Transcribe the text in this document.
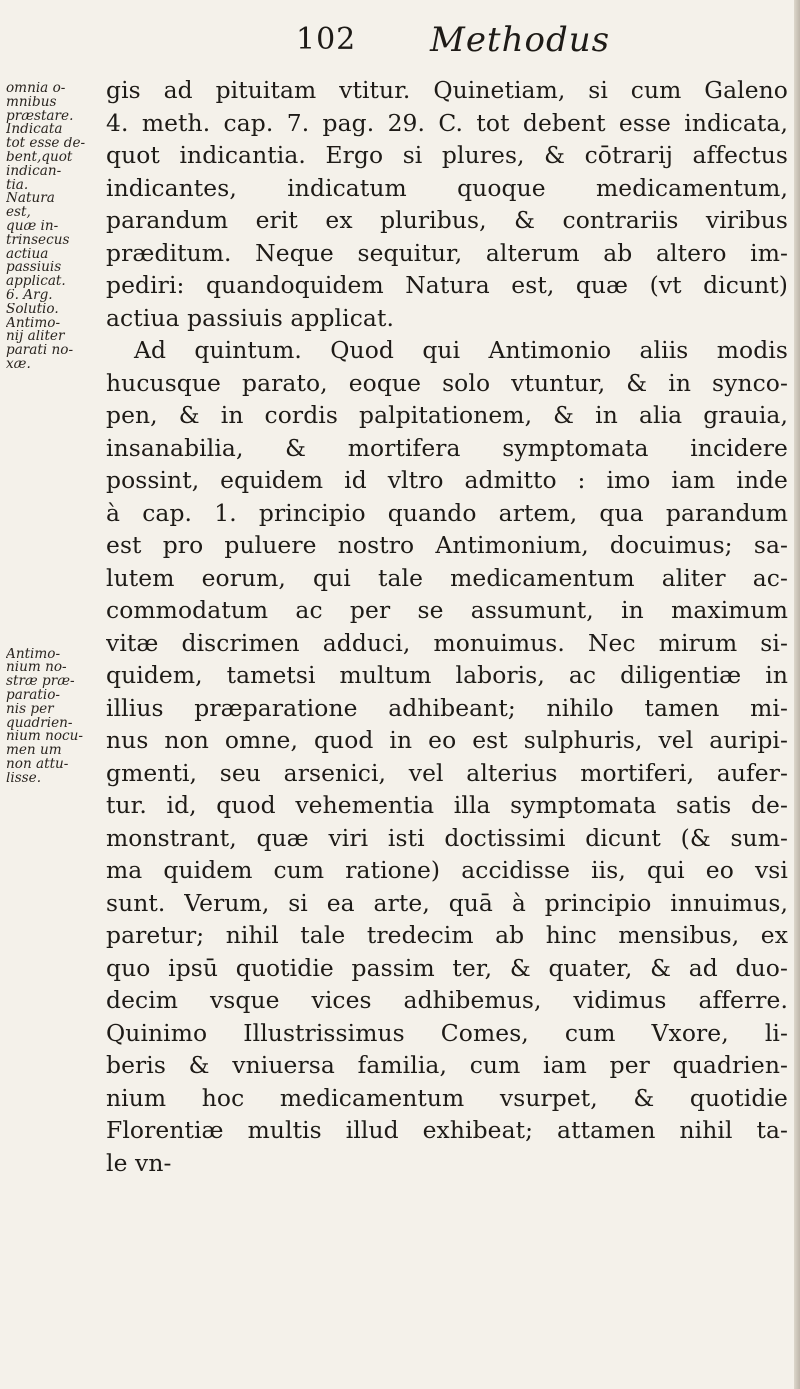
102 Methodus
omnia o-
mnibus
præstare.
Indicata
tot esse de-
bent,quot
indican-
tia.
Natura
est,
quæ in-
trinsecus
actiua
passiuis
applicat.
6. Arg.
Solutio.
Antimo-
nij aliter
parati no-
xæ.

Antimo-
nium no-
stræ præ-
paratio-
nis per
quadrien-
nium nocu-
men um
non attu-
lisse.
gis ad pituitam vtitur. Quinetiam, si cum Galeno
4. meth. cap. 7. pag. 29. C. tot debent esse indicata,
quot indicantia. Ergo si plures, & cōtrarij affectus
indicantes, indicatum quoque medicamentum,
parandum erit ex pluribus, & contrariis viribus
præditum. Neque sequitur, alterum ab altero im-
pediri: quandoquidem Natura est, quæ (vt dicunt)
actiua passiuis applicat.
Ad quintum. Quod qui Antimonio aliis modis
hucusque parato, eoque solo vtuntur, & in synco-
pen, & in cordis palpitationem, & in alia grauia,
insanabilia, & mortifera symptomata incidere
possint, equidem id vltro admitto : imo iam inde
à cap. 1. principio quando artem, qua parandum
est pro puluere nostro Antimonium, docuimus; sa-
lutem eorum, qui tale medicamentum aliter ac-
commodatum ac per se assumunt, in maximum
vitæ discrimen adduci, monuimus. Nec mirum si-
quidem, tametsi multum laboris, ac diligentiæ in
illius præparatione adhibeant; nihilo tamen mi-
nus non omne, quod in eo est sulphuris, vel auripi-
gmenti, seu arsenici, vel alterius mortiferi, aufer-
tur. id, quod vehementia illa symptomata satis de-
monstrant, quæ viri isti doctissimi dicunt (& sum-
ma quidem cum ratione) accidisse iis, qui eo vsi
sunt. Verum, si ea arte, quā à principio innuimus,
paretur; nihil tale tredecim ab hinc mensibus, ex
quo ipsū quotidie passim ter, & quater, & ad duo-
decim vsque vices adhibemus, vidimus afferre.
Quinimo Illustrissimus Comes, cum Vxore, li-
beris & vniuersa familia, cum iam per quadrien-
nium hoc medicamentum vsurpet, & quotidie
Florentiæ multis illud exhibeat; attamen nihil ta-
le vn-
